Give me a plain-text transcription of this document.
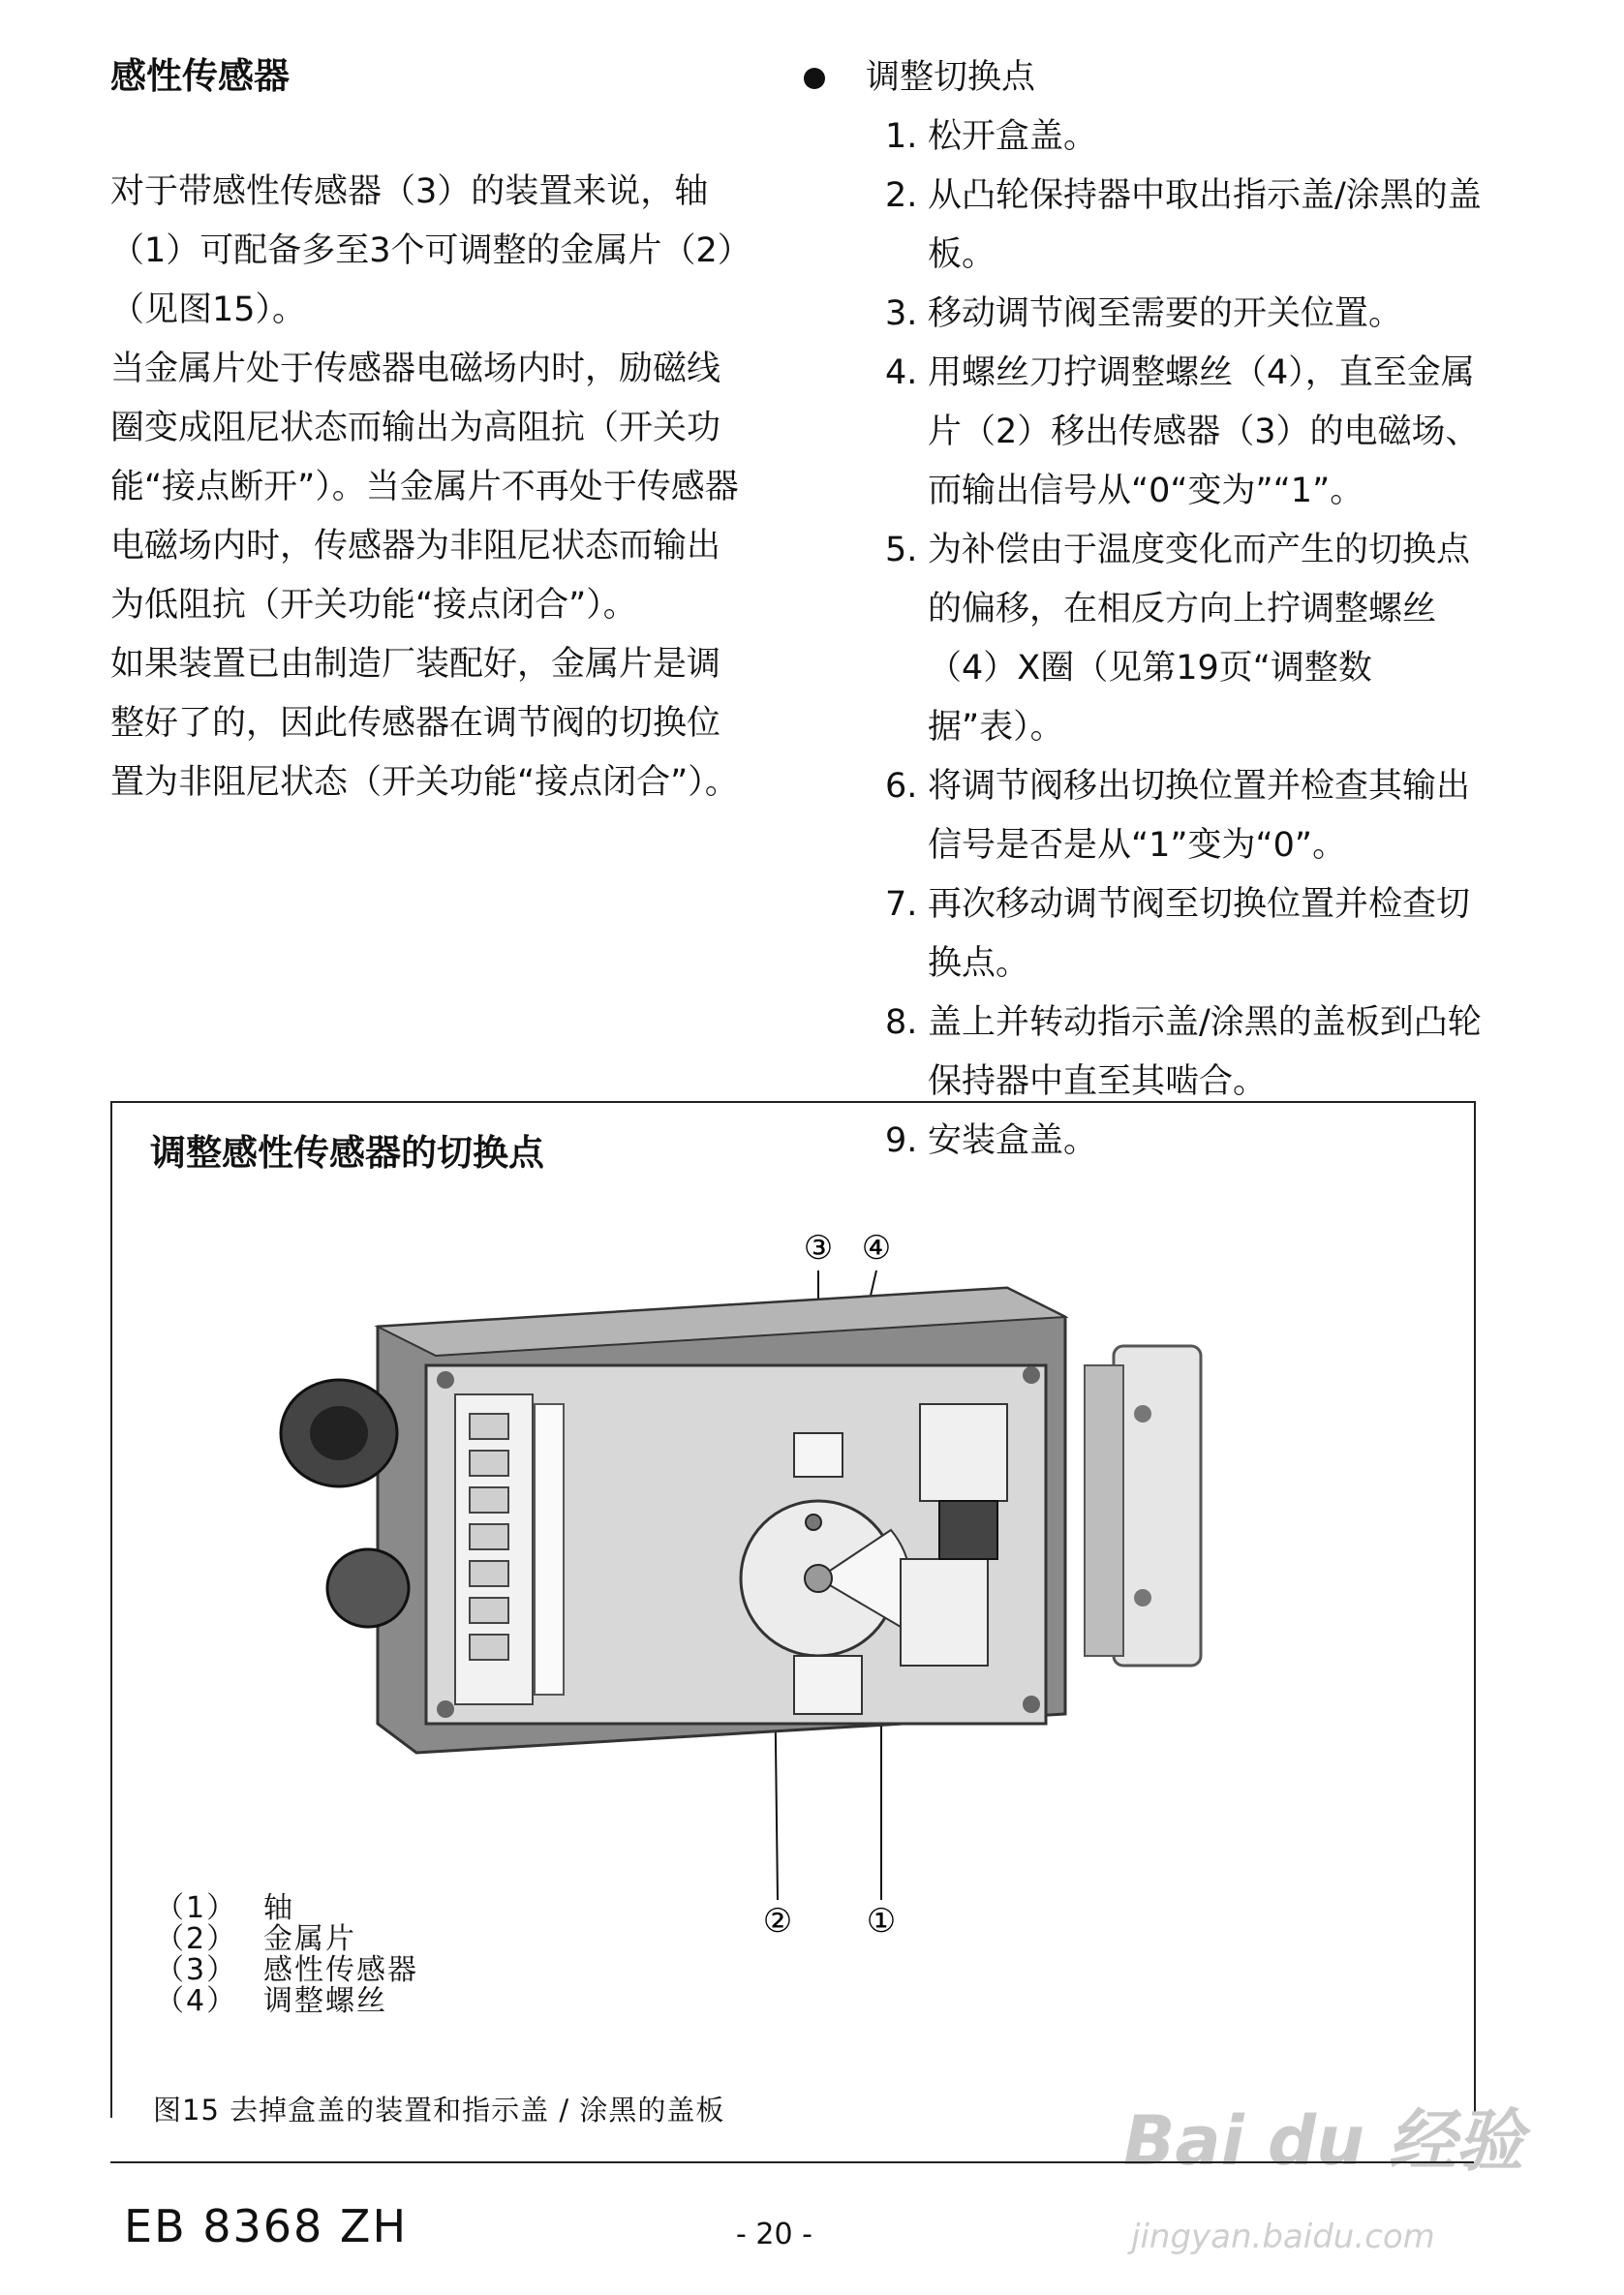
感性传感器

对于带感性传感器（3）的装置来说，轴（1）可配备多至3个可调整的金属片（2）（见图15）。

当金属片处于传感器电磁场内时，励磁线圈变成阻尼状态而输出为高阻抗（开关功能“接点断开”）。当金属片不再处于传感器电磁场内时，传感器为非阻尼状态而输出为低阻抗（开关功能“接点闭合”）。

如果装置已由制造厂装配好，金属片是调整好了的，因此传感器在调节阀的切换位置为非阻尼状态（开关功能“接点闭合”）。

调整切换点
1. 松开盒盖。
2. 从凸轮保持器中取出指示盖/涂黑的盖板。
3. 移动调节阀至需要的开关位置。
4. 用螺丝刀拧调整螺丝（4），直至金属片（2）移出传感器（3）的电磁场、而输出信号从“0“变为”“1”。
5. 为补偿由于温度变化而产生的切换点的偏移，在相反方向上拧调整螺丝（4）X圈（见第19页“调整数据”表）。
6. 将调节阀移出切换位置并检查其输出信号是否是从“1”变为“0”。
7. 再次移动调节阀至切换位置并检查切换点。
8. 盖上并转动指示盖/涂黑的盖板到凸轮保持器中直至其啮合。
9. 安装盒盖。
调整感性传感器的切换点
③ ④
② ①
（1） 轴
（2） 金属片
（3） 感性传感器
（4） 调整螺丝
图15 去掉盒盖的装置和指示盖 / 涂黑的盖板	Bai du 经验
jingyan.baidu.com
EB 8368 ZH	- 20 -
